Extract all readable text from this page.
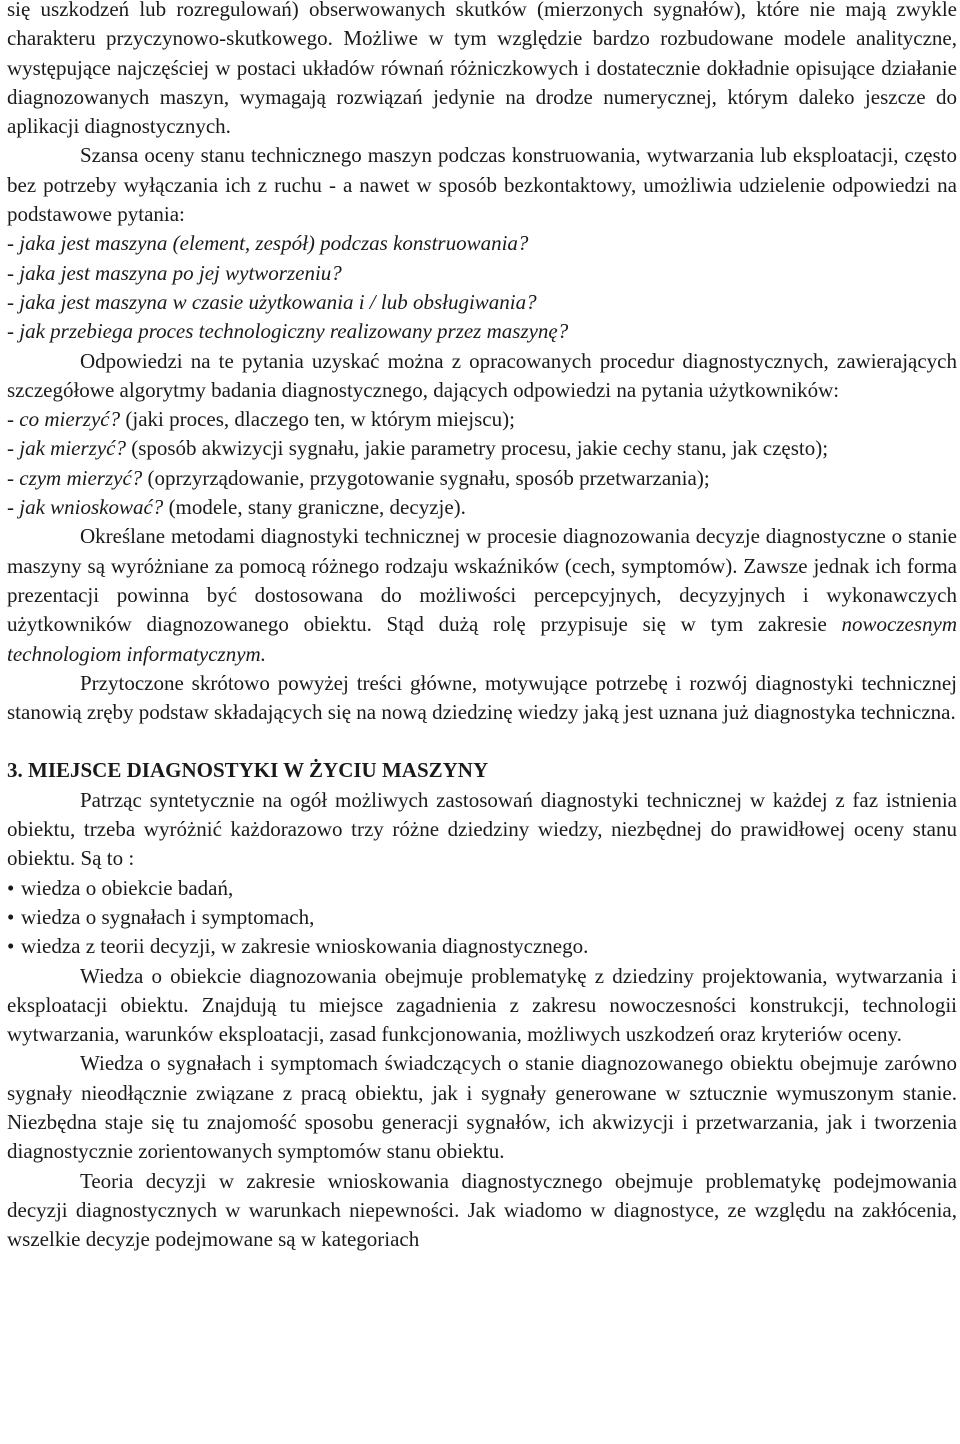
się uszkodzeń lub rozregulowań) obserwowanych skutków (mierzonych sygnałów), które nie mają zwykle charakteru przyczynowo-skutkowego. Możliwe w tym względzie bardzo rozbudowane modele analityczne, występujące najczęściej w postaci układów równań różniczkowych i dostatecznie dokładnie opisujące działanie diagnozowanych maszyn, wymagają rozwiązań jedynie na drodze numerycznej, którym daleko jeszcze do aplikacji diagnostycznych.

Szansa oceny stanu technicznego maszyn podczas konstruowania, wytwarzania lub eksploatacji, często bez potrzeby wyłączania ich z ruchu - a nawet w sposób bezkontaktowy, umożliwia udzielenie odpowiedzi na podstawowe pytania:

- jaka jest maszyna (element, zespół) podczas konstruowania?
- jaka jest maszyna po jej wytworzeniu?
- jaka jest maszyna w czasie użytkowania i / lub obsługiwania?
- jak przebiega proces technologiczny realizowany przez maszynę?

Odpowiedzi na te pytania uzyskać można z opracowanych procedur diagnostycznych, zawierających szczegółowe algorytmy badania diagnostycznego, dających odpowiedzi na pytania użytkowników:

- co mierzyć? (jaki proces, dlaczego ten, w którym miejscu);

- jak mierzyć? (sposób akwizycji sygnału, jakie parametry procesu, jakie cechy stanu, jak często);

- czym mierzyć? (oprzyrządowanie, przygotowanie sygnału, sposób przetwarzania);

- jak wnioskować? (modele, stany graniczne, decyzje).

Określane metodami diagnostyki technicznej w procesie diagnozowania decyzje diagnostyczne o stanie maszyny są wyróżniane za pomocą różnego rodzaju wskaźników (cech, symptomów). Zawsze jednak ich forma prezentacji powinna być dostosowana do możliwości percepcyjnych, decyzyjnych i wykonawczych użytkowników diagnozowanego obiektu. Stąd dużą rolę przypisuje się w tym zakresie nowoczesnym technologiom informatycznym.

Przytoczone skrótowo powyżej treści główne, motywujące potrzebę i rozwój diagnostyki technicznej stanowią zręby podstaw składających się na nową dziedzinę wiedzy jaką jest uznana już diagnostyka techniczna.

3. MIEJSCE DIAGNOSTYKI W ŻYCIU MASZYNY

Patrząc syntetycznie na ogół możliwych zastosowań diagnostyki technicznej w każdej z faz istnienia obiektu, trzeba wyróżnić każdorazowo trzy różne dziedziny wiedzy, niezbędnej do prawidłowej oceny stanu obiektu. Są to :

• wiedza o obiekcie badań,
• wiedza o sygnałach i symptomach,
• wiedza z teorii decyzji, w zakresie wnioskowania diagnostycznego.

Wiedza o obiekcie diagnozowania obejmuje problematykę z dziedziny projektowania, wytwarzania i eksploatacji obiektu. Znajdują tu miejsce zagadnienia z zakresu nowoczesności konstrukcji, technologii wytwarzania, warunków eksploatacji, zasad funkcjonowania, możliwych uszkodzeń oraz kryteriów oceny.

Wiedza o sygnałach i symptomach świadczących o stanie diagnozowanego obiektu obejmuje zarówno sygnały nieodłącznie związane z pracą obiektu, jak i sygnały generowane w sztucznie wymuszonym stanie. Niezbędna staje się tu znajomość sposobu generacji sygnałów, ich akwizycji i przetwarzania, jak i tworzenia diagnostycznie zorientowanych symptomów stanu obiektu.

Teoria decyzji w zakresie wnioskowania diagnostycznego obejmuje problematykę podejmowania decyzji diagnostycznych w warunkach niepewności. Jak wiadomo w diagnostyce, ze względu na zakłócenia, wszelkie decyzje podejmowane są w kategoriach
